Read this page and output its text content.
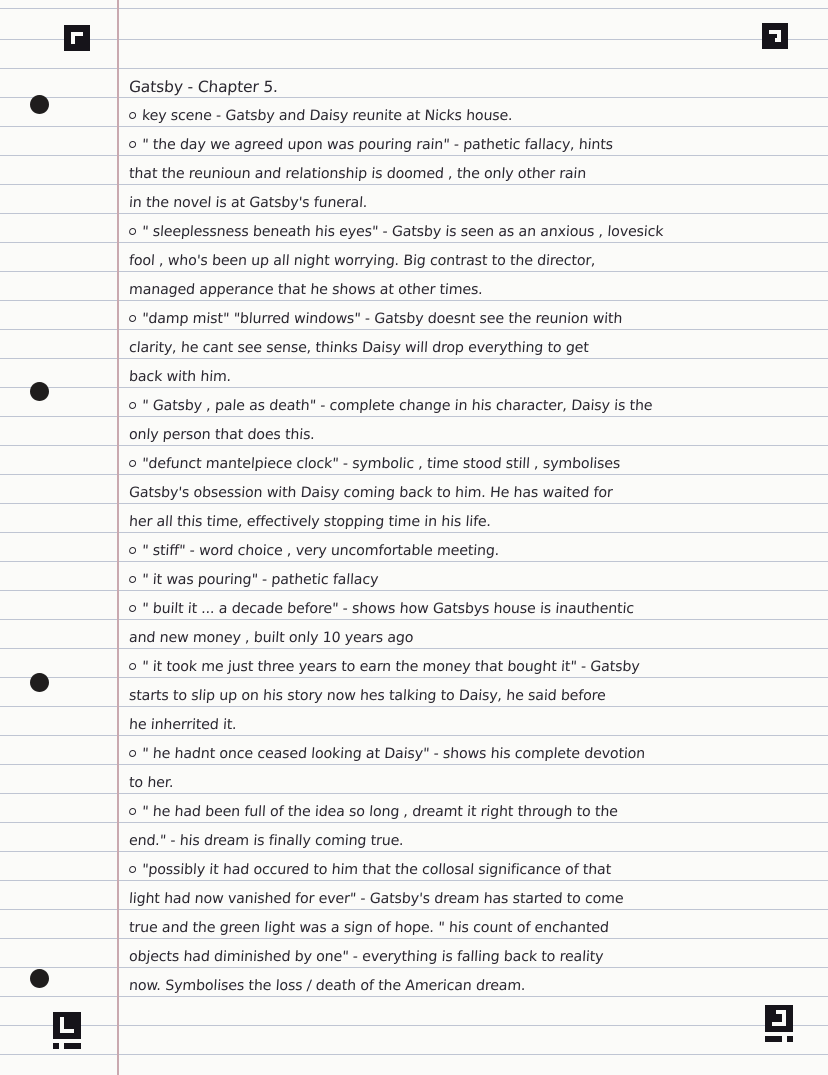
Gatsby - Chapter 5.
key scene - Gatsby and Daisy reunite at Nicks house.
" the day we agreed upon was pouring rain" - pathetic fallacy, hints
that the reunioun and relationship is doomed , the only other rain
in the novel is at Gatsby's funeral.
" sleeplessness beneath his eyes" - Gatsby is seen as an anxious , lovesick
fool , who's been up all night worrying. Big contrast to the director,
managed apperance that he shows at other times.
"damp mist" "blurred windows" - Gatsby doesnt see the reunion with
clarity, he cant see sense, thinks Daisy will drop everything to get
back with him.
" Gatsby , pale as death" - complete change in his character, Daisy is the
only person that does this.
"defunct mantelpiece clock" - symbolic , time stood still , symbolises
Gatsby's obsession with Daisy coming back to him. He has waited for
her all this time, effectively stopping time in his life.
" stiff" - word choice , very uncomfortable meeting.
" it was pouring" - pathetic fallacy
" built it ... a decade before" - shows how Gatsbys house is inauthentic
and new money , built only 10 years ago
" it took me just three years to earn the money that bought it" - Gatsby
starts to slip up on his story now hes talking to Daisy, he said before
he inherrited it.
" he hadnt once ceased looking at Daisy" - shows his complete devotion
to her.
" he had been full of the idea so long , dreamt it right through to the
end." - his dream is finally coming true.
"possibly it had occured to him that the collosal significance of that
light had now vanished for ever" - Gatsby's dream has started to come
true and the green light was a sign of hope. " his count of enchanted
objects had diminished by one" - everything is falling back to reality
now. Symbolises the loss / death of the American dream.
